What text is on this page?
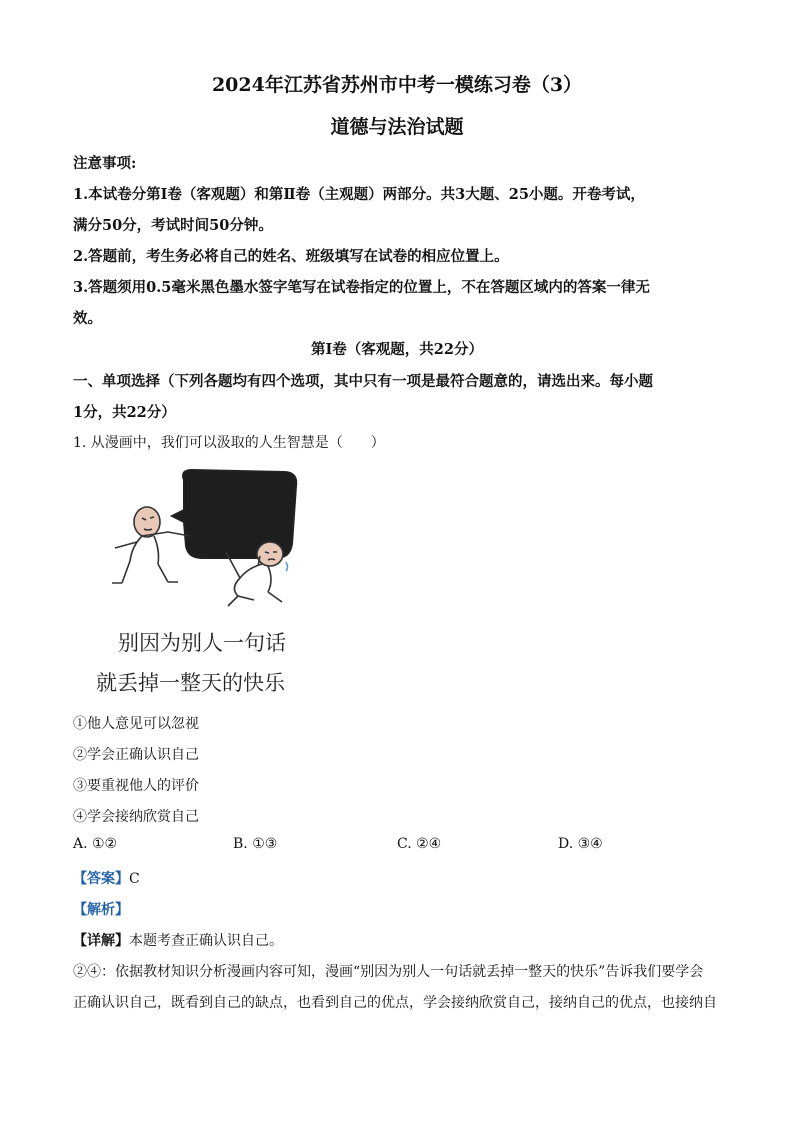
2024年江苏省苏州市中考一模练习卷（3）
道德与法治试题
注意事项:
1.本试卷分第Ⅰ卷（客观题）和第Ⅱ卷（主观题）两部分。共3大题、25小题。开卷考试，
满分50分，考试时间50分钟。
2.答题前，考生务必将自己的姓名、班级填写在试卷的相应位置上。
3.答题须用0.5毫米黑色墨水签字笔写在试卷指定的位置上，不在答题区域内的答案一律无
效。
第Ⅰ卷（客观题，共22分）
一、单项选择（下列各题均有四个选项，其中只有一项是最符合题意的，请选出来。每小题
1分，共22分）
1. 从漫画中，我们可以汲取的人生智慧是（　　）
别因为别人一句话
就丢掉一整天的快乐
①他人意见可以忽视
②学会正确认识自己
③要重视他人的评价
④学会接纳欣赏自己
A. ①②	B. ①③	C. ②④	D. ③④
【答案】C
【解析】
【详解】本题考查正确认识自己。
②④：依据教材知识分析漫画内容可知，漫画“别因为别人一句话就丢掉一整天的快乐”告诉我们要学会
正确认识自己，既看到自己的缺点，也看到自己的优点，学会接纳欣赏自己，接纳自己的优点，也接纳自
